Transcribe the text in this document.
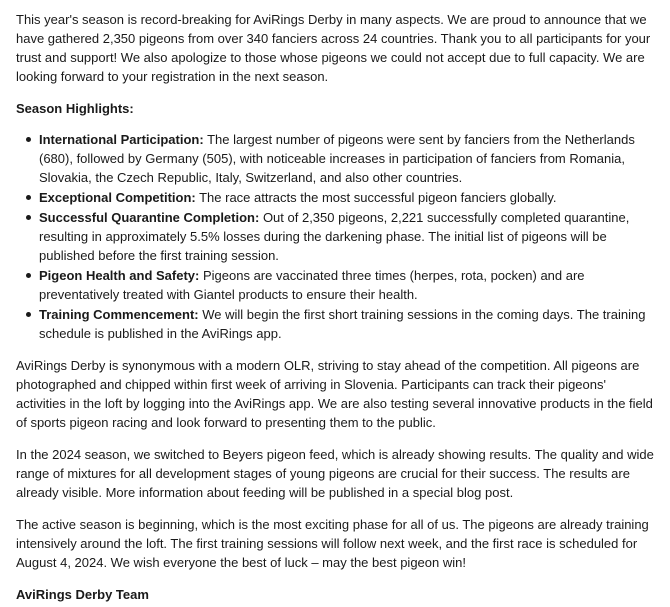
This year's season is record-breaking for AviRings Derby in many aspects. We are proud to announce that we have gathered 2,350 pigeons from over 340 fanciers across 24 countries. Thank you to all participants for your trust and support! We also apologize to those whose pigeons we could not accept due to full capacity. We are looking forward to your registration in the next season.

Season Highlights:

International Participation: The largest number of pigeons were sent by fanciers from the Netherlands (680), followed by Germany (505), with noticeable increases in participation of fanciers from Romania, Slovakia, the Czech Republic, Italy, Switzerland, and also other countries.
Exceptional Competition: The race attracts the most successful pigeon fanciers globally.
Successful Quarantine Completion: Out of 2,350 pigeons, 2,221 successfully completed quarantine, resulting in approximately 5.5% losses during the darkening phase. The initial list of pigeons will be published before the first training session.
Pigeon Health and Safety: Pigeons are vaccinated three times (herpes, rota, pocken) and are preventatively treated with Giantel products to ensure their health.
Training Commencement: We will begin the first short training sessions in the coming days. The training schedule is published in the AviRings app.

AviRings Derby is synonymous with a modern OLR, striving to stay ahead of the competition. All pigeons are photographed and chipped within first week of arriving in Slovenia. Participants can track their pigeons' activities in the loft by logging into the AviRings app. We are also testing several innovative products in the field of sports pigeon racing and look forward to presenting them to the public.

In the 2024 season, we switched to Beyers pigeon feed, which is already showing results. The quality and wide range of mixtures for all development stages of young pigeons are crucial for their success. The results are already visible. More information about feeding will be published in a special blog post.

The active season is beginning, which is the most exciting phase for all of us. The pigeons are already training intensively around the loft. The first training sessions will follow next week, and the first race is scheduled for August 4, 2024. We wish everyone the best of luck – may the best pigeon win!

AviRings Derby Team
